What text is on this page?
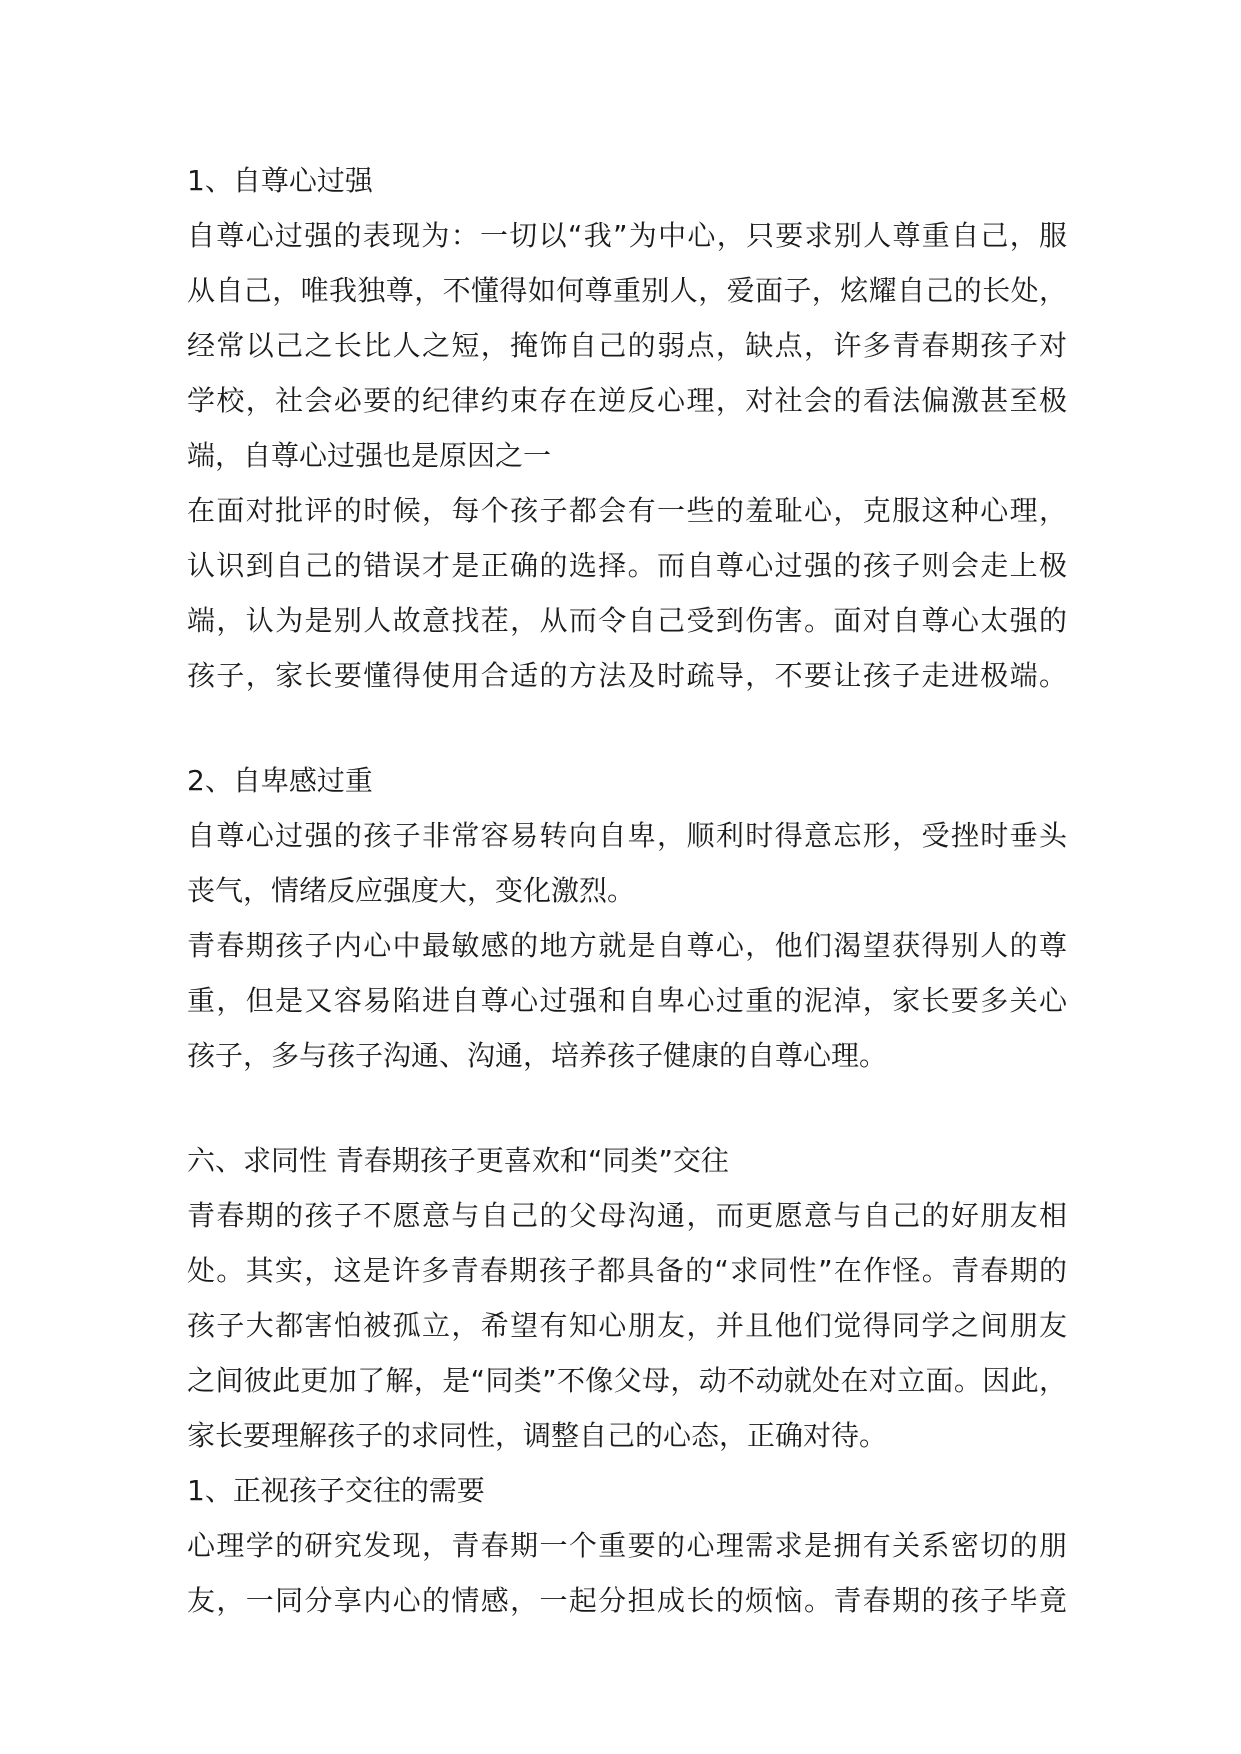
1、自尊心过强
自尊心过强的表现为：一切以“我”为中心，只要求别人尊重自己，服
从自己，唯我独尊，不懂得如何尊重别人，爱面子，炫耀自己的长处，
经常以己之长比人之短，掩饰自己的弱点，缺点，许多青春期孩子对
学校，社会必要的纪律约束存在逆反心理，对社会的看法偏激甚至极
端，自尊心过强也是原因之一
在面对批评的时候，每个孩子都会有一些的羞耻心，克服这种心理，
认识到自己的错误才是正确的选择。而自尊心过强的孩子则会走上极
端，认为是别人故意找茬，从而令自己受到伤害。面对自尊心太强的
孩子，家长要懂得使用合适的方法及时疏导，不要让孩子走进极端。
2、自卑感过重
自尊心过强的孩子非常容易转向自卑，顺利时得意忘形，受挫时垂头
丧气，情绪反应强度大，变化激烈。
青春期孩子内心中最敏感的地方就是自尊心，他们渴望获得别人的尊
重，但是又容易陷进自尊心过强和自卑心过重的泥淖，家长要多关心
孩子，多与孩子沟通、沟通，培养孩子健康的自尊心理。
六、求同性 青春期孩子更喜欢和“同类”交往
青春期的孩子不愿意与自己的父母沟通，而更愿意与自己的好朋友相
处。其实，这是许多青春期孩子都具备的“求同性”在作怪。青春期的
孩子大都害怕被孤立，希望有知心朋友，并且他们觉得同学之间朋友
之间彼此更加了解，是“同类”不像父母，动不动就处在对立面。因此，
家长要理解孩子的求同性，调整自己的心态，正确对待。
1、正视孩子交往的需要
心理学的研究发现，青春期一个重要的心理需求是拥有关系密切的朋
友，一同分享内心的情感，一起分担成长的烦恼。青春期的孩子毕竟
